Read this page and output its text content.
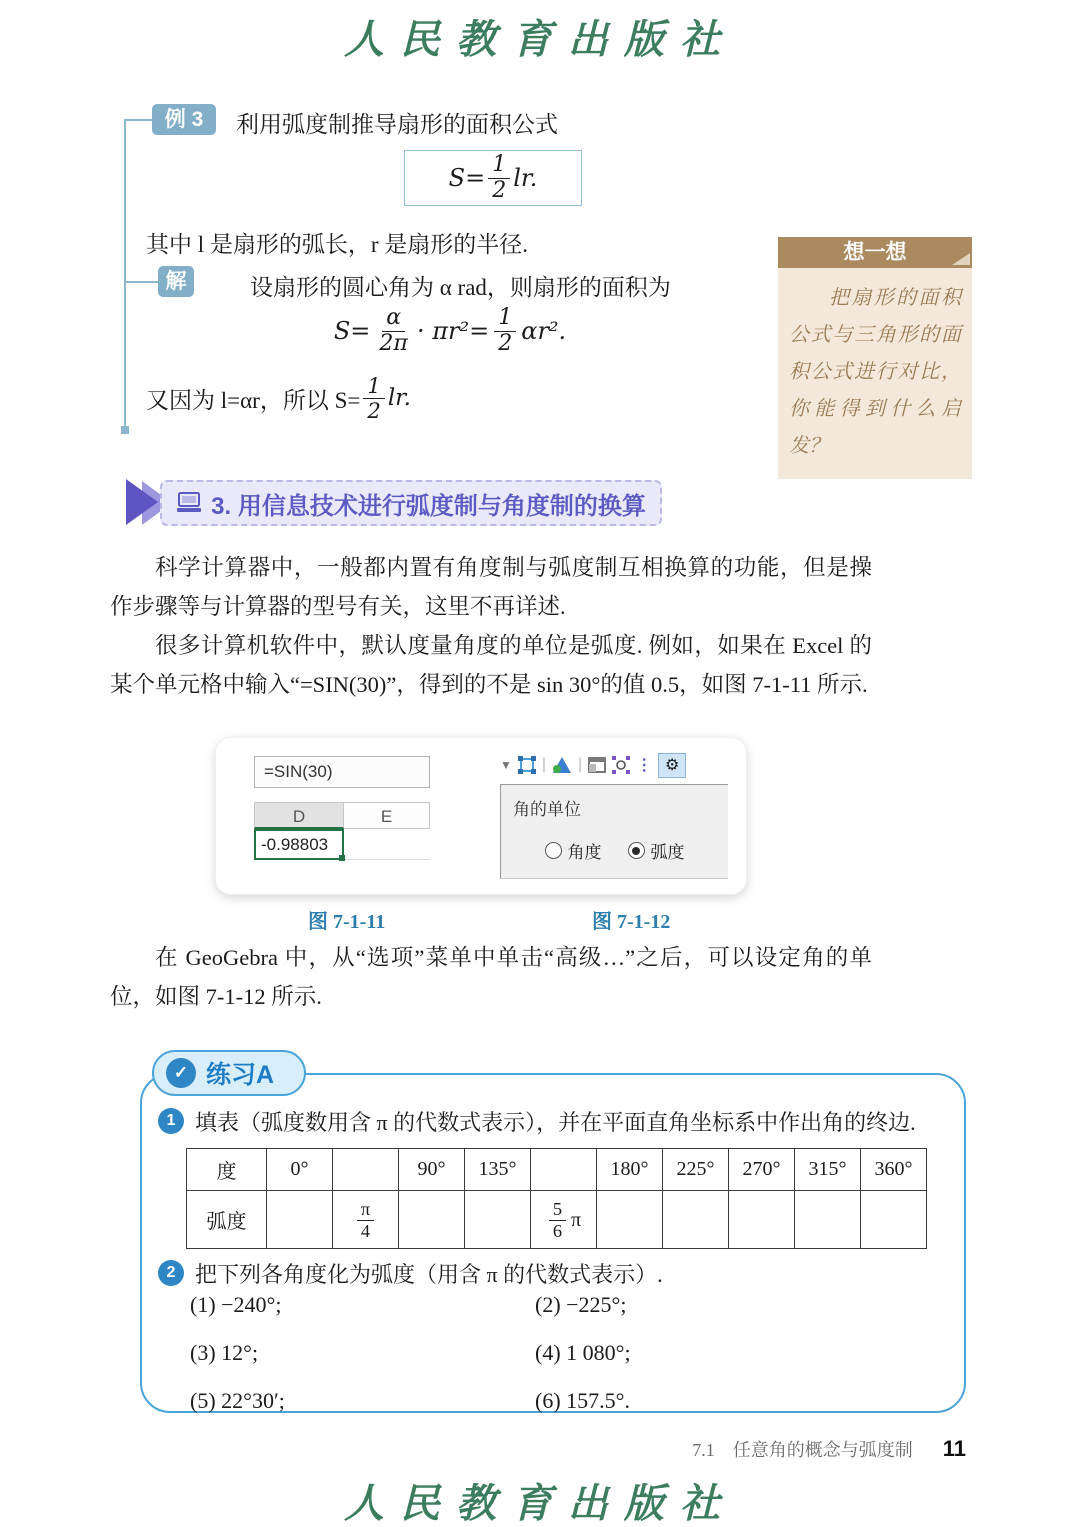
人民教育出版社
例 3	利用弧度制推导扇形的面积公式
$S= \frac{1}{2}$ lr.
其中 l 是扇形的弧长，r 是扇形的半径.
解	设扇形的圆心角为 α rad，则扇形的面积为
$S= \frac{\alpha}{2\pi} \cdot \pi r^2= \frac{1}{2} \alpha r^2$.
又因为 l=αr，所以 $S= \frac{1}{2}$ lr.
想一想
把扇形的面积公式与三角形的面积公式进行对比，你能得到什么启发？
3. 用信息技术进行弧度制与角度制的换算

科学计算器中，一般都内置有角度制与弧度制互相换算的功能，但是操作步骤等与计算器的型号有关，这里不再详述.

很多计算机软件中，默认度量角度的单位是弧度. 例如，如果在 Excel 的某个单元格中输入“=SIN(30)”，得到的不是 sin 30°的值 0.5，如图 7-1-11 所示.

=SIN(30)
D	E
-0.98803
▼ | |	⋮ ⚙
角的单位
角度	弧度
图 7-1-11	图 7-1-12

在 GeoGebra 中，从“选项”菜单中单击“高级…”之后，可以设定角的单位，如图 7-1-12 所示.

✓ 练习A
1 填表（弧度数用含 π 的代数式表示），并在平面直角坐标系中作出角的终边.
度	0°		90°	135°		180°	225°	270°	315°	360°
弧度		$\frac{\pi}{4}$			$\frac{5}{6}$ π					

2 把下列各角度化为弧度（用含 π 的代数式表示）.
(1) −240°;	(2) −225°;
(3) 12°;	(4) 1 080°;
(5) 22°30′;	(6) 157.5°.
7.1 任意角的概念与弧度制 11
人民教育出版社
